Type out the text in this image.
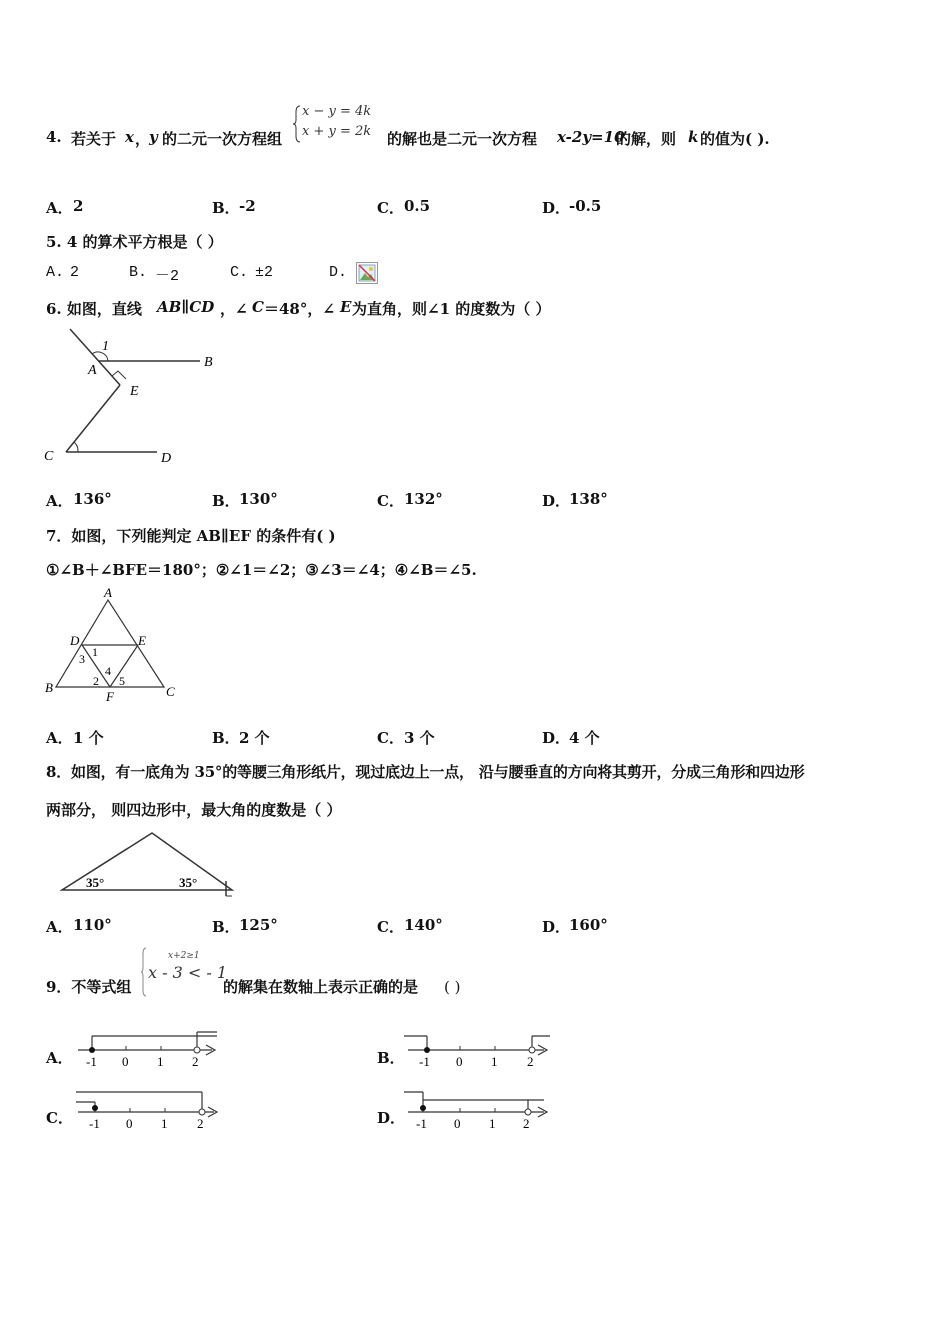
4. 若关于 x ，
y 的二元一次方程组
x − y = 4k
x + y = 2k 的解也是二元一次方程 x-2y=10
的解，则 k 的值为( ).
A． 2	B． -2	C． 0.5	D．
-0.5
5. 4 的算术平方根是（ ）
A. 2	B. －2	C. ±2	D.
6. 如图，直线 AB∥CD ，∠ C ＝48°，∠ E 为直角，则∠1 的度数为（ ）
1
A
B
E
C	D
A． 136°	B． 130°	C． 132°	D．
138°
7．如图，下列能判定 AB∥EF 的条件有( )
①∠B＋∠BFE＝180°；②∠1＝∠2；③∠3＝∠4；④∠B＝∠5.
A
D	E
1
3
4
2 5
B
F	C
A． 1 个	B． 2 个	C． 3 个	D．
4 个
8．如图，有一底角为 35°的等腰三角形纸片，现过底边上一点， 沿与腰垂直的方向将其剪开，分成三角形和四边形
两部分， 则四边形中，最大角的度数是（ ）
35°	35°
A． 110°	B． 125°	C． 140°	D．
160°
9．不等式组
x+2≥1
x - 3 < - 1
的解集在数轴上表示正确的是 ( )
A． -1 0 1 2	B． -1 0 1 2
C． -1 0 1 2	D． -1 0 1 2
